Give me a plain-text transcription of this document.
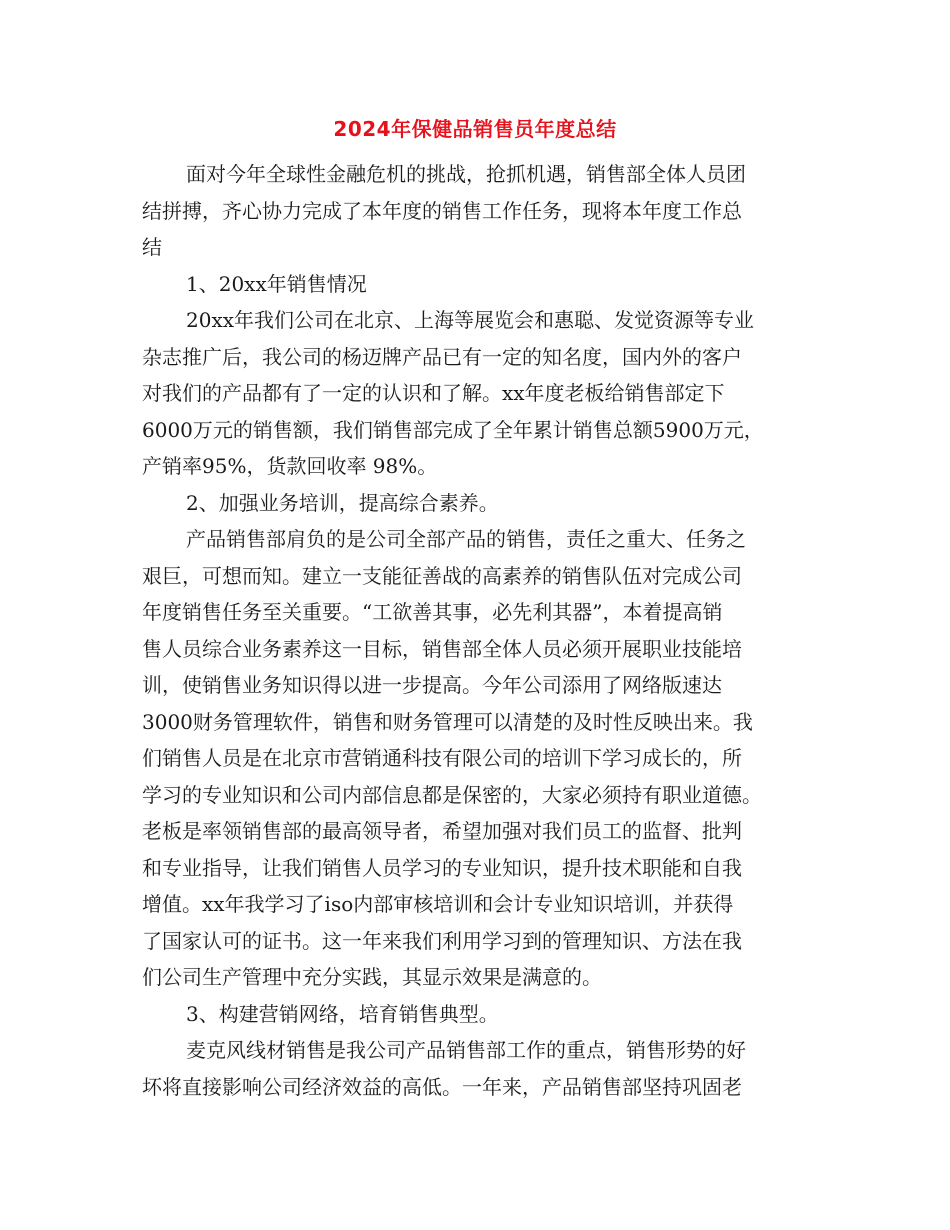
2024年保健品销售员年度总结
面对今年全球性金融危机的挑战，抢抓机遇，销售部全体人员团
结拼搏，齐心协力完成了本年度的销售工作任务，现将本年度工作总
结
1、20xx年销售情况
20xx年我们公司在北京、上海等展览会和惠聪、发觉资源等专业
杂志推广后，我公司的杨迈牌产品已有一定的知名度，国内外的客户
对我们的产品都有了一定的认识和了解。xx年度老板给销售部定下
6000万元的销售额，我们销售部完成了全年累计销售总额5900万元，
产销率95%，货款回收率 98%。
2、加强业务培训，提高综合素养。
产品销售部肩负的是公司全部产品的销售，责任之重大、任务之
艰巨，可想而知。建立一支能征善战的高素养的销售队伍对完成公司
年度销售任务至关重要。“工欲善其事，必先利其器”，本着提高销
售人员综合业务素养这一目标，销售部全体人员必须开展职业技能培
训，使销售业务知识得以进一步提高。今年公司添用了网络版速达
3000财务管理软件，销售和财务管理可以清楚的及时性反映出来。我
们销售人员是在北京市营销通科技有限公司的培训下学习成长的，所
学习的专业知识和公司内部信息都是保密的，大家必须持有职业道德。
老板是率领销售部的最高领导者，希望加强对我们员工的监督、批判
和专业指导，让我们销售人员学习的专业知识，提升技术职能和自我
增值。xx年我学习了iso内部审核培训和会计专业知识培训，并获得
了国家认可的证书。这一年来我们利用学习到的管理知识、方法在我
们公司生产管理中充分实践，其显示效果是满意的。
3、构建营销网络，培育销售典型。
麦克风线材销售是我公司产品销售部工作的重点，销售形势的好
坏将直接影响公司经济效益的高低。一年来，产品销售部坚持巩固老
